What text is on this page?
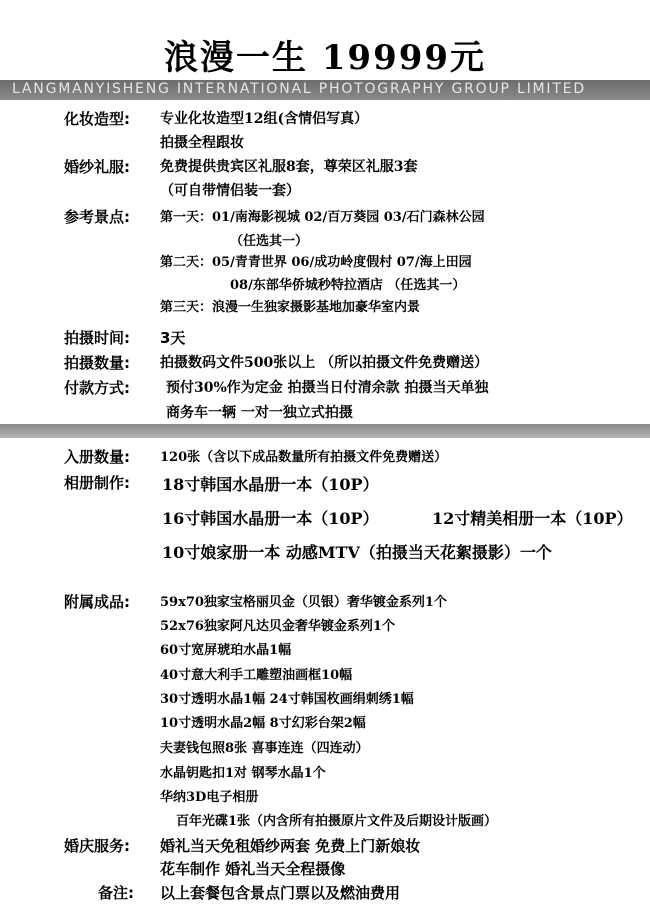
浪漫一生 19999元
LANGMANYISHENG INTERNATIONAL PHOTOGRAPHY GROUP LIMITED
化妆造型: 专业化妆造型12组(含情侣写真）
拍摄全程跟妆
婚纱礼服: 免费提供贵宾区礼服8套，尊荣区礼服3套
（可自带情侣装一套）
参考景点: 第一天：01/南海影视城 02/百万葵园 03/石门森林公园
（任选其一）
第二天：05/青青世界 06/成功岭度假村 07/海上田园
08/东部华侨城秒特拉酒店 （任选其一）
第三天：浪漫一生独家摄影基地加豪华室内景
拍摄时间: 3天
拍摄数量: 拍摄数码文件500张以上 （所以拍摄文件免费赠送）
付款方式:	预付30%作为定金 拍摄当日付清余款 拍摄当天单独
商务车一辆 一对一独立式拍摄
入册数量: 120张（含以下成品数量所有拍摄文件免费赠送）
相册制作: 18寸韩国水晶册一本（10P）
16寸韩国水晶册一本（10P）	12寸精美相册一本（10P）
10寸娘家册一本 动感MTV（拍摄当天花絮摄影）一个
附属成品: 59x70独家宝格丽贝金（贝银）奢华镀金系列1个
52x76独家阿凡达贝金奢华镀金系列1个
60寸宽屏琥珀水晶1幅
40寸意大利手工雕塑油画框10幅
30寸透明水晶1幅 24寸韩国枚画绢刺绣1幅
10寸透明水晶2幅 8寸幻彩台架2幅
夫妻钱包照8张 喜事连连（四连动）
水晶钥匙扣1对 钢琴水晶1个
华纳3D电子相册
百年光碟1张（内含所有拍摄原片文件及后期设计版画）
婚庆服务: 婚礼当天免租婚纱两套 免费上门新娘妆
花车制作 婚礼当天全程摄像
备注: 以上套餐包含景点门票以及燃油费用
